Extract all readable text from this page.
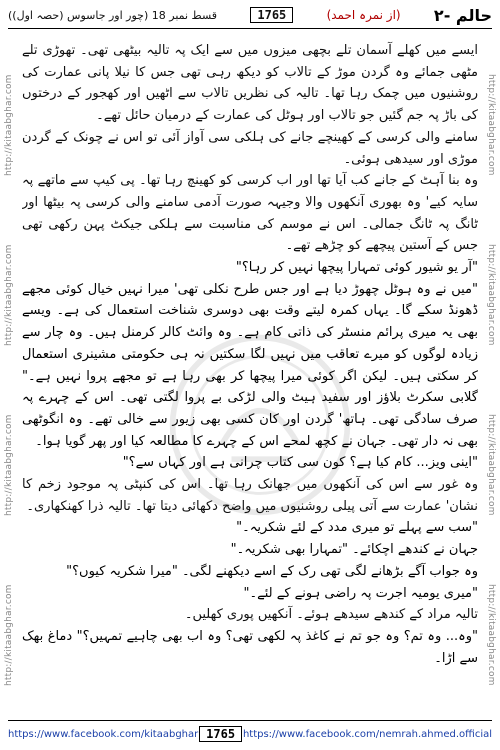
حالم -۲
(از نمرہ احمد)
1765
قسط نمبر 18 (چور اور جاسوس (حصہ اول))
http://kitaabghar.com
http://kitaabghar.com
http://kitaabghar.com
http://kitaabghar.com	http://kitaabghar.com
http://kitaabghar.com
http://kitaabghar.com
http://kitaabghar.com

ایسے میں کھلے آسمان تلے بچھی میزوں میں سے ایک پہ تالیہ بیٹھی تھی۔ تھوڑی تلے مٹھی جمائے وہ گردن موڑ کے تالاب کو دیکھ رہی تھی جس کا نیلا پانی عمارت کی روشنیوں میں چمک رہا تھا۔ تالیہ کی نظریں تالاب سے اٹھیں اور کھجور کے درختوں کی باڑ پہ جم گئیں جو تالاب اور ہوٹل کی عمارت کے درمیان حائل تھے۔

سامنے والی کرسی کے کھینچے جانے کی ہلکی سی آواز آئی تو اس نے چونک کے گردن موڑی اور سیدھی ہوئی۔

وہ بنا آہٹ کے جانے کب آیا تھا اور اب کرسی کو کھینچ رہا تھا۔ پی کیپ سے ماتھے پہ سایہ کیے' وہ بھوری آنکھوں والا وجیہہ صورت آدمی سامنے والی کرسی پہ بیٹھا اور ٹانگ پہ ٹانگ جمالی۔ اس نے موسم کی مناسبت سے ہلکی جیکٹ پہن رکھی تھی جس کے آستین پیچھے کو چڑھے تھے۔

"آر یو شیور کوئی تمہارا پیچھا نہیں کر رہا؟"

"میں نے وہ ہوٹل چھوڑ دیا ہے اور جس طرح نکلی تھی' میرا نہیں خیال کوئی مجھے ڈھونڈ سکے گا۔ یہاں کمرہ لیتے وقت بھی دوسری شناخت استعمال کی ہے۔ ویسے بھی یہ میری پرائم منسٹر کی ذاتی کام ہے۔ وہ وائٹ کالر کرمنل ہیں۔ وہ چار سے زیادہ لوگوں کو میرے تعاقب میں نہیں لگا سکتیں نہ ہی حکومتی مشینری استعمال کر سکتی ہیں۔ لیکن اگر کوئی میرا پیچھا کر بھی رہا ہے تو مجھے پروا نہیں ہے۔" گلابی سکرٹ بلاؤز اور سفید ہیٹ والی لڑکی بے پروا لگتی تھی۔ اس کے چہرے پہ صرف سادگی تھی۔ ہاتھ' گردن اور کان کسی بھی زیور سے خالی تھے۔ وہ انگوٹھی بھی نہ دار تھی۔ جہان نے کچھ لمحے اس کے چہرے کا مطالعہ کیا اور پھر گویا ہوا۔

"اینی ویز... کام کیا ہے؟ کون سی کتاب چرانی ہے اور کہاں سے؟"

وہ غور سے اس کی آنکھوں میں جھانک رہا تھا۔ اس کی کنپٹی پہ موجود زخم کا نشان' عمارت سے آتی پیلی روشنیوں میں واضح دکھائی دیتا تھا۔ تالیہ ذرا کھنکھاری۔

"سب سے پہلے تو میری مدد کے لئے شکریہ۔"

جہان نے کندھے اچکائے۔ "تمہارا بھی شکریہ۔"

وہ جواب آگے بڑھانے لگی تھی رک کے اسے دیکھنے لگی۔ "میرا شکریہ کیوں؟"

"میری یومیہ اجرت پہ راضی ہونے کے لئے۔"

تالیہ مراد کے کندھے سیدھے ہوئے۔ آنکھیں پوری کھلیں۔

"وہ... وہ تم؟ وہ جو تم نے کاغذ پہ لکھی تھی؟ وہ اب بھی چاہیے تمہیں؟" دماغ بھک سے اڑا۔

https://www.facebook.com/kitaabghar 1765 https://www.facebook.com/nemrah.ahmed.official
